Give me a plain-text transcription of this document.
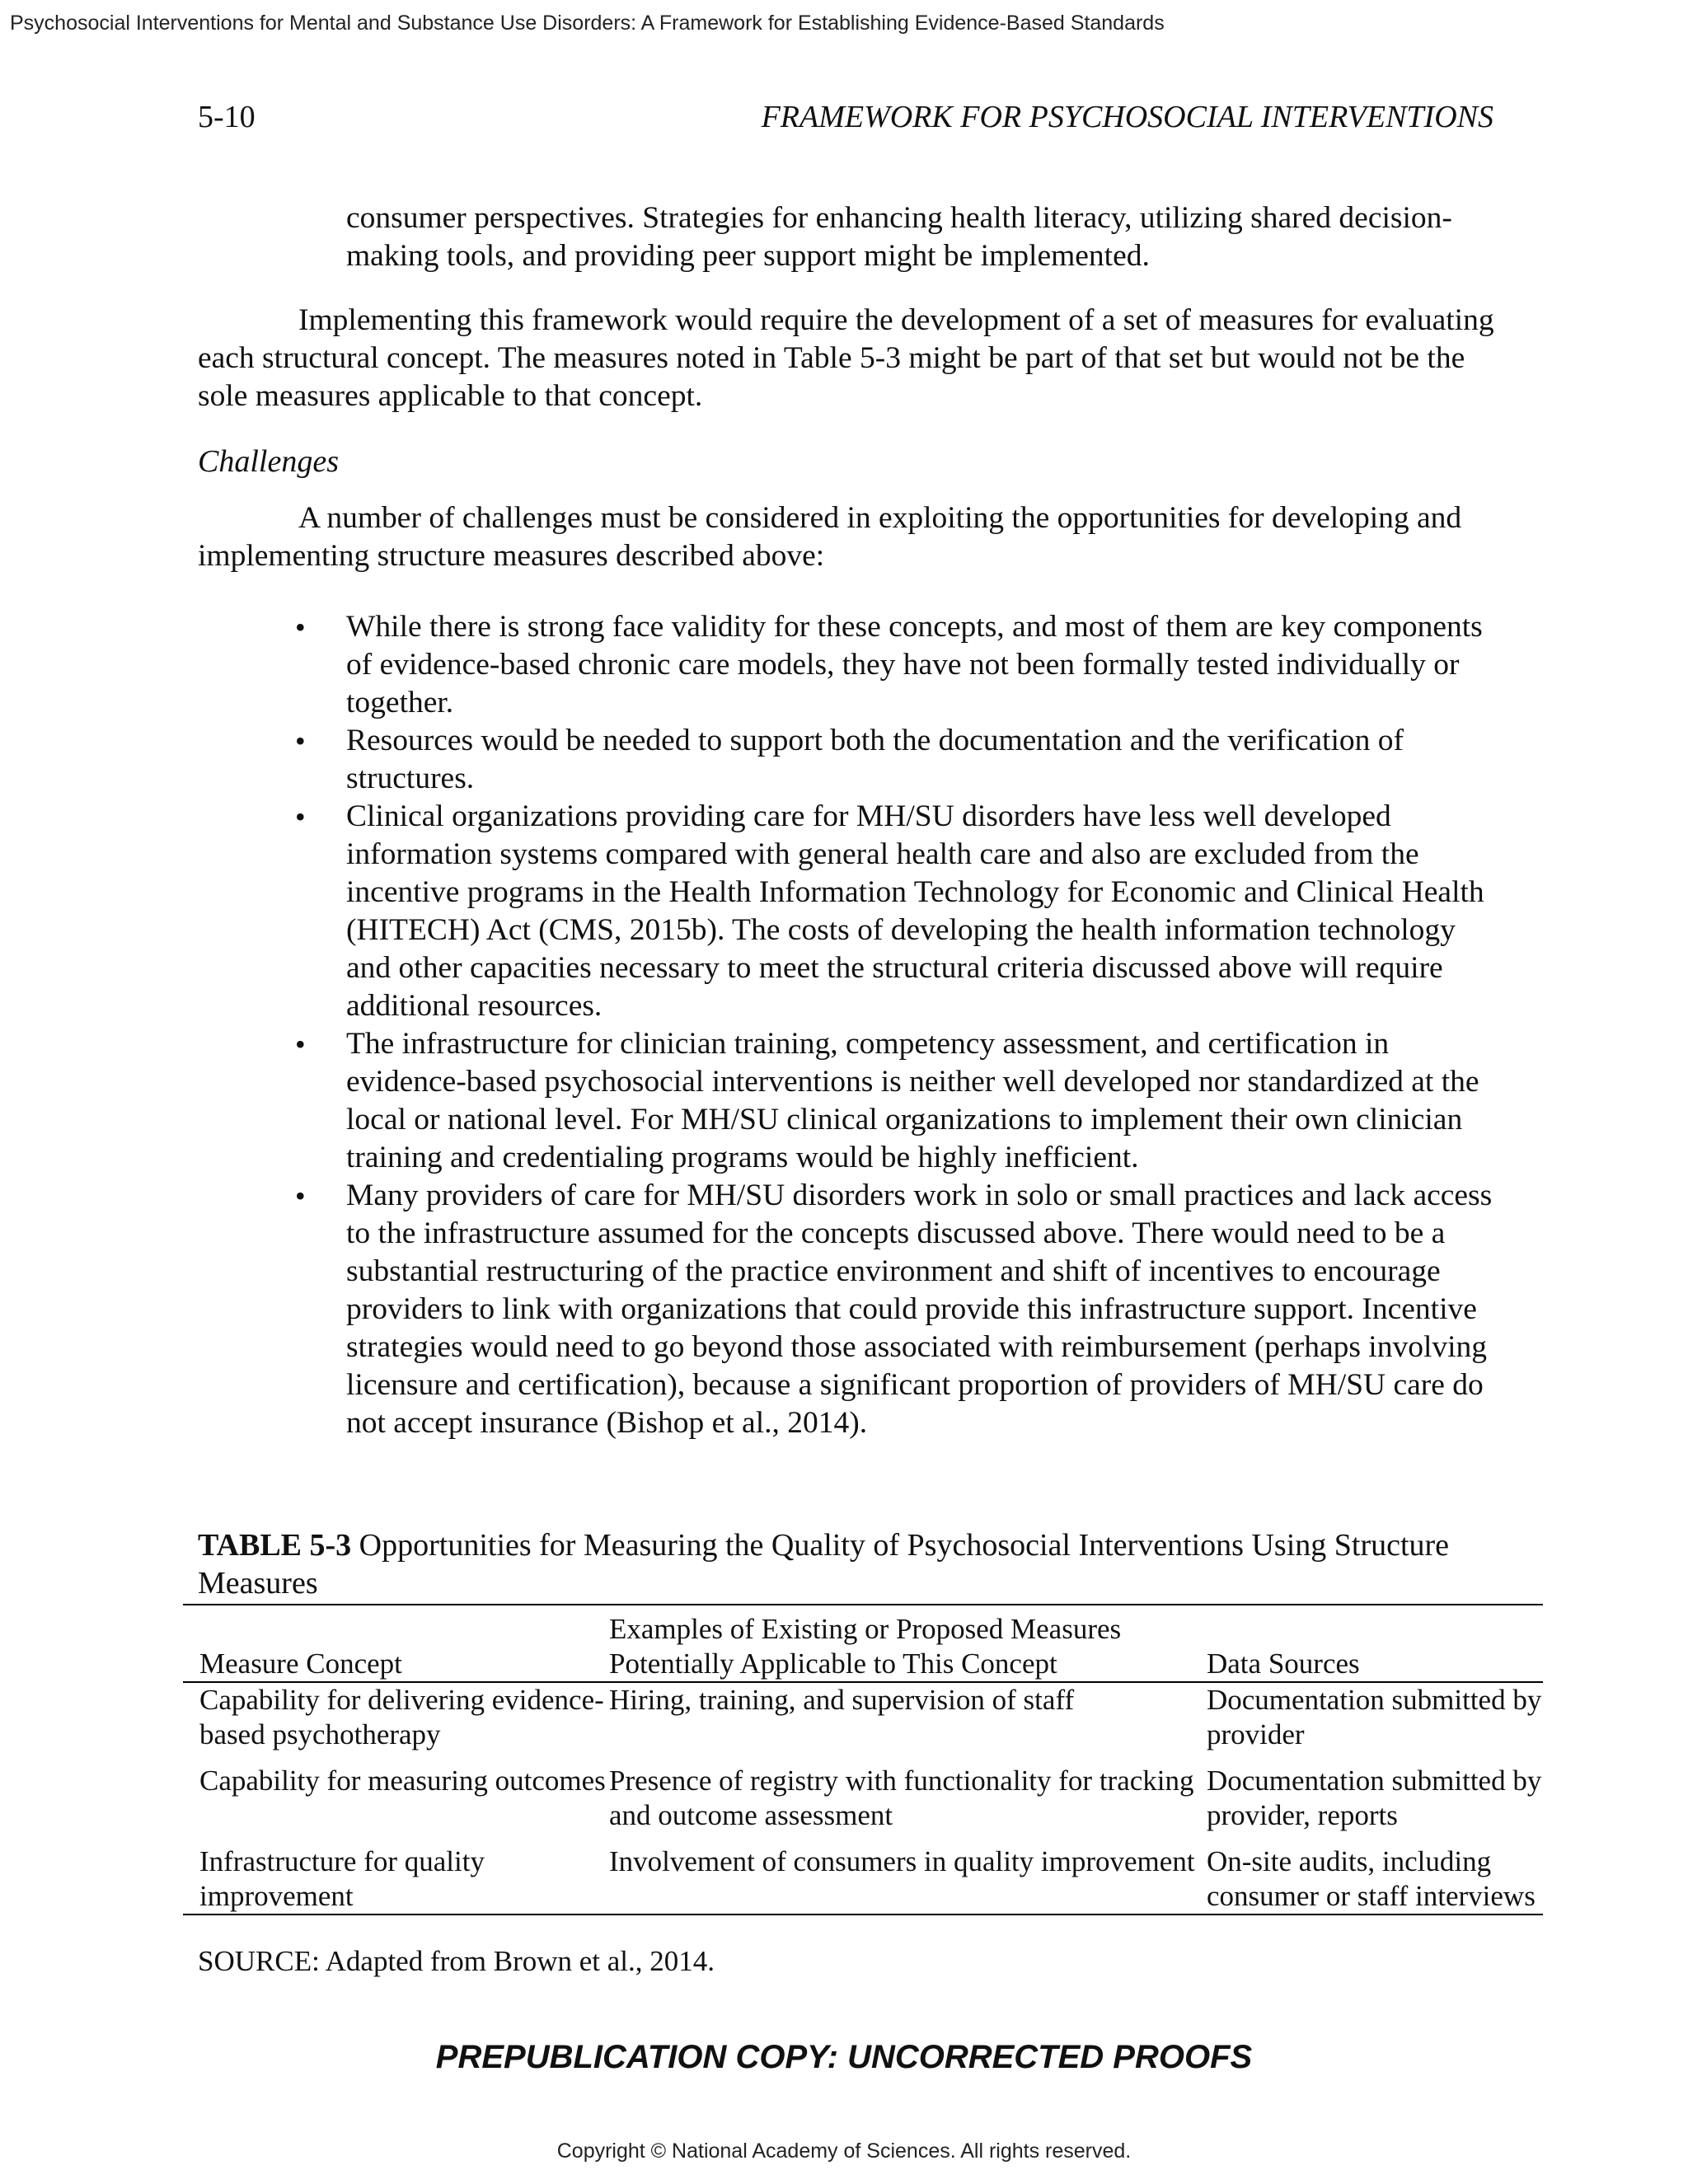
Psychosocial Interventions for Mental and Substance Use Disorders: A Framework for Establishing Evidence-Based Standards
5-10	FRAMEWORK FOR PSYCHOSOCIAL INTERVENTIONS
consumer perspectives. Strategies for enhancing health literacy, utilizing shared decision-making tools, and providing peer support might be implemented.
Implementing this framework would require the development of a set of measures for evaluating each structural concept. The measures noted in Table 5-3 might be part of that set but would not be the sole measures applicable to that concept.
Challenges
A number of challenges must be considered in exploiting the opportunities for developing and implementing structure measures described above:
• While there is strong face validity for these concepts, and most of them are key components of evidence-based chronic care models, they have not been formally tested individually or together.
• Resources would be needed to support both the documentation and the verification of structures.
• Clinical organizations providing care for MH/SU disorders have less well developed information systems compared with general health care and also are excluded from the incentive programs in the Health Information Technology for Economic and Clinical Health (HITECH) Act (CMS, 2015b). The costs of developing the health information technology and other capacities necessary to meet the structural criteria discussed above will require additional resources.
• The infrastructure for clinician training, competency assessment, and certification in evidence-based psychosocial interventions is neither well developed nor standardized at the local or national level. For MH/SU clinical organizations to implement their own clinician training and credentialing programs would be highly inefficient.
• Many providers of care for MH/SU disorders work in solo or small practices and lack access to the infrastructure assumed for the concepts discussed above. There would need to be a substantial restructuring of the practice environment and shift of incentives to encourage providers to link with organizations that could provide this infrastructure support. Incentive strategies would need to go beyond those associated with reimbursement (perhaps involving licensure and certification), because a significant proportion of providers of MH/SU care do not accept insurance (Bishop et al., 2014).
TABLE 5-3 Opportunities for Measuring the Quality of Psychosocial Interventions Using Structure Measures
Measure Concept	Examples of Existing or Proposed Measures Potentially Applicable to This Concept	Data Sources
Capability for delivering evidence-based psychotherapy	Hiring, training, and supervision of staff	Documentation submitted by provider
Capability for measuring outcomes	Presence of registry with functionality for tracking and outcome assessment	Documentation submitted by provider, reports
Infrastructure for quality improvement	Involvement of consumers in quality improvement	On-site audits, including consumer or staff interviews
SOURCE: Adapted from Brown et al., 2014.
PREPUBLICATION COPY: UNCORRECTED PROOFS
Copyright © National Academy of Sciences. All rights reserved.
